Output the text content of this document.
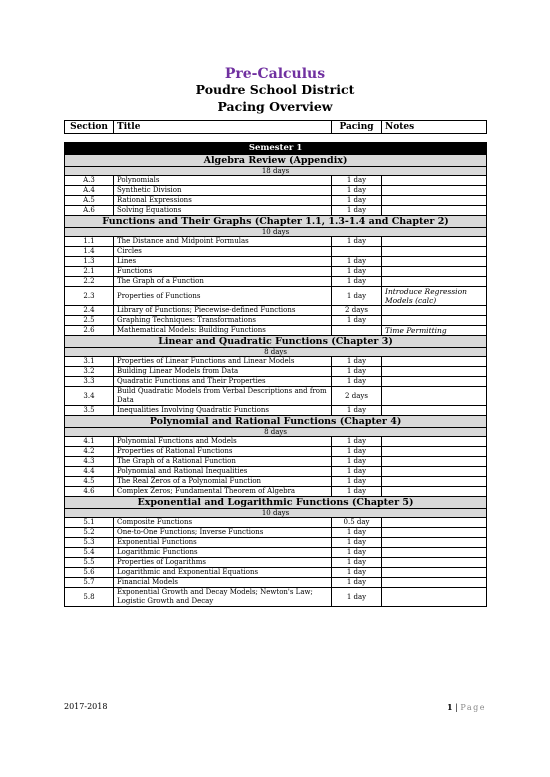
Pre-Calculus
Poudre School District
Pacing Overview
Section	Title	Pacing	Notes
Semester 1			
Algebra Review (Appendix)			
18 days			
A.3	Polynomials	1 day	
A.4	Synthetic Division	1 day	
A.5	Rational Expressions	1 day	
A.6	Solving Equations	1 day	
Functions and Their Graphs (Chapter 1.1, 1.3-1.4 and Chapter 2)			
10 days			
1.1	The Distance and Midpoint Formulas	1 day	
1.4	Circles		
1.3	Lines	1 day	
2.1	Functions	1 day	
2.2	The Graph of a Function	1 day	
2.3	Properties of Functions	1 day	Introduce Regression Models (calc)
2.4	Library of Functions; Piecewise-defined Functions	2 days	
2.5	Graphing Techniques: Transformations	1 day	
2.6	Mathematical Models: Building Functions		Time Permitting
Linear and Quadratic Functions (Chapter 3)			
8 days			
3.1	Properties of Linear Functions and Linear Models	1 day	
3.2	Building Linear Models from Data	1 day	
3.3	Quadratic Functions and Their Properties	1 day	
3.4	Build Quadratic Models from Verbal Descriptions and from Data	2 days	
3.5	Inequalities Involving Quadratic Functions	1 day	
Polynomial and Rational Functions (Chapter 4)			
8 days			
4.1	Polynomial Functions and Models	1 day	
4.2	Properties of Rational Functions	1 day	
4.3	The Graph of a Rational Function	1 day	
4.4	Polynomial and Rational Inequalities	1 day	
4.5	The Real Zeros of a Polynomial Function	1 day	
4.6	Complex Zeros; Fundamental Theorem of Algebra	1 day	
Exponential and Logarithmic Functions (Chapter 5)			
10 days			
5.1	Composite Functions	0.5 day	
5.2	One-to-One Functions; Inverse Functions	1 day	
5.3	Exponential Functions	1 day	
5.4	Logarithmic Functions	1 day	
5.5	Properties of Logarithms	1 day	
5.6	Logarithmic and Exponential Equations	1 day	
5.7	Financial Models	1 day	
5.8	Exponential Growth and Decay Models; Newton's Law; Logistic Growth and Decay	1 day	
2017-2018	1 | Page
